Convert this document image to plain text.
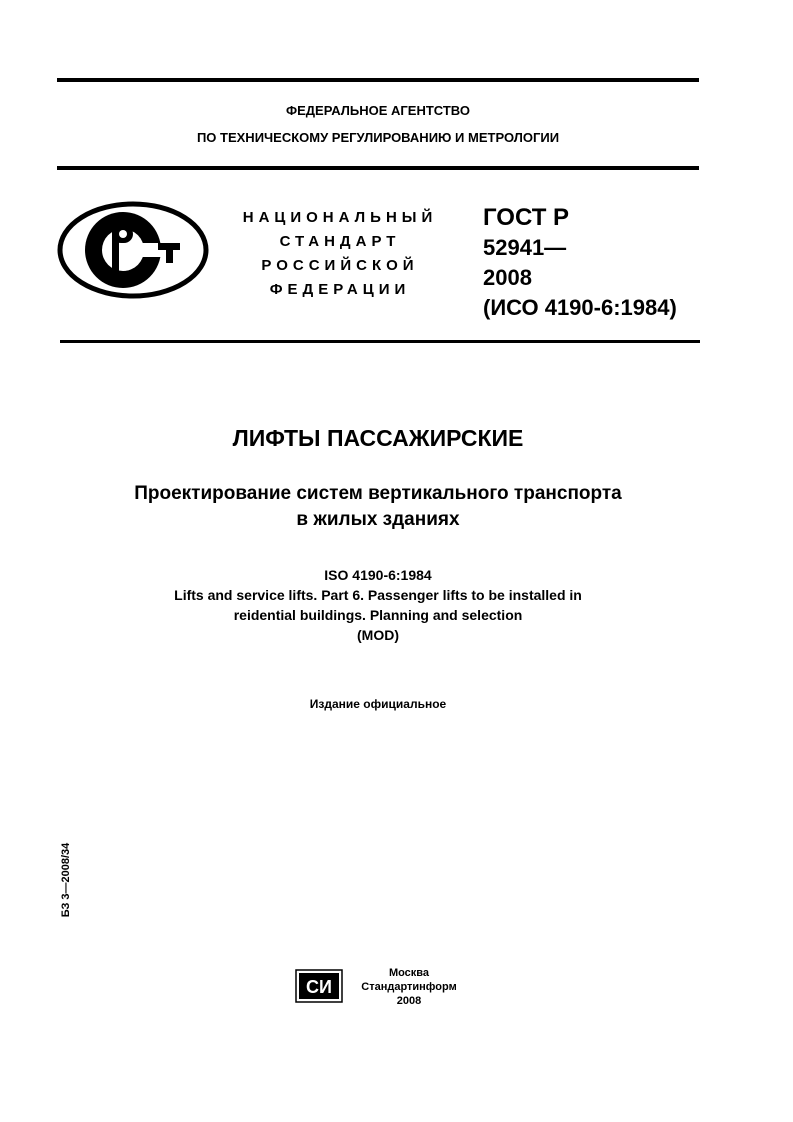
ФЕДЕРАЛЬНОЕ АГЕНТСТВО
ПО ТЕХНИЧЕСКОМУ РЕГУЛИРОВАНИЮ И МЕТРОЛОГИИ
НАЦИОНАЛЬНЫЙ
СТАНДАРТ
РОССИЙСКОЙ
ФЕДЕРАЦИИ
ГОСТ Р
52941—
2008
(ИСО 4190-6:1984)
ЛИФТЫ ПАССАЖИРСКИЕ
Проектирование систем вертикального транспорта
в жилых зданиях
ISO 4190-6:1984
Lifts and service lifts. Part 6. Passenger lifts to be installed in
reidential buildings. Planning and selection
(MOD)
Издание официальное
БЗ 3—2008/34
СИ
Москва
Стандартинформ
2008
